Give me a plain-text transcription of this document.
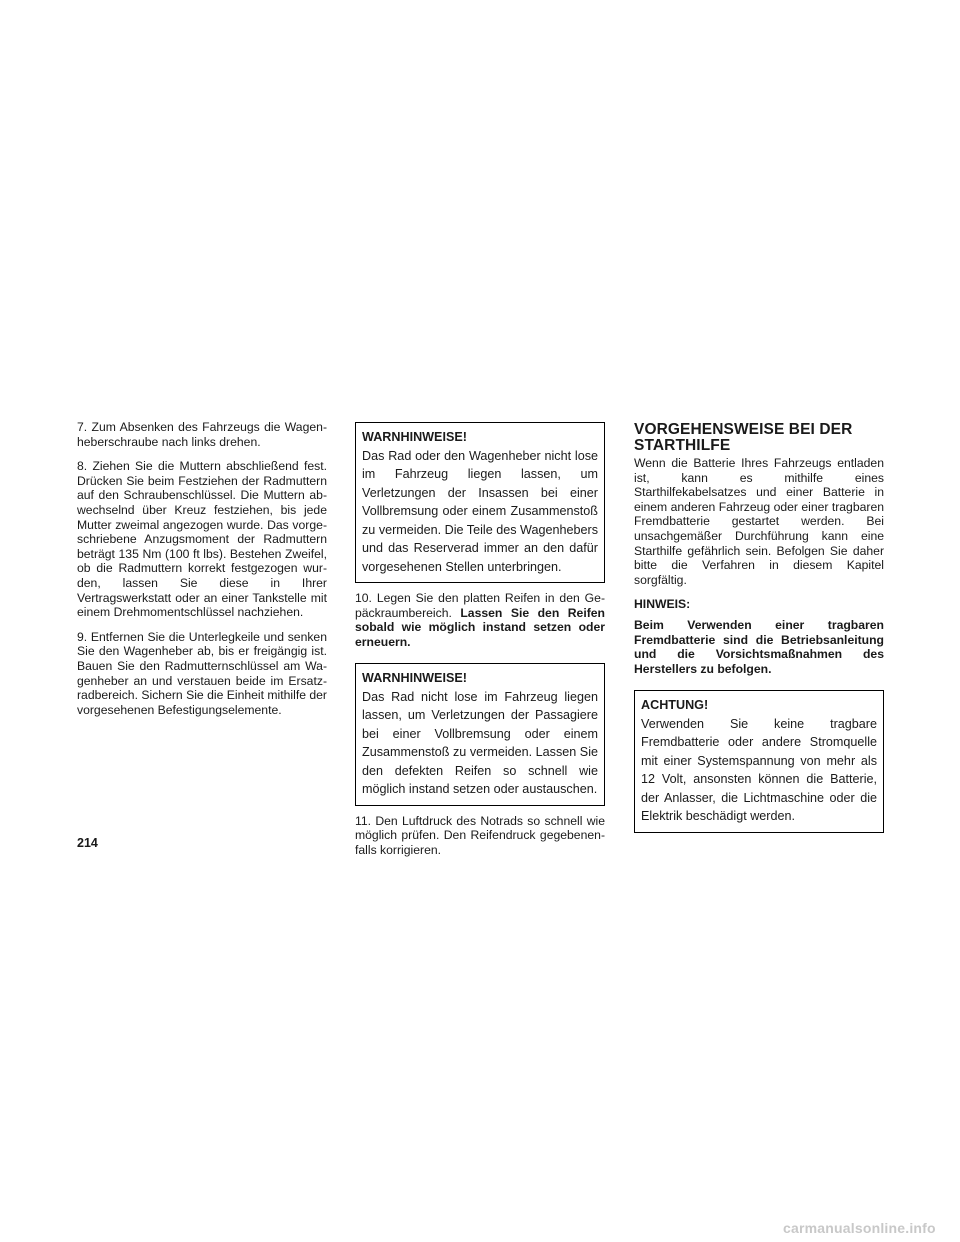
7. Zum Absenken des Fahrzeugs die Wagenheberschraube nach links drehen.

8. Ziehen Sie die Muttern abschließend fest. Drücken Sie beim Festziehen der Radmuttern auf den Schraubenschlüssel. Die Muttern abwechselnd über Kreuz festziehen, bis jede Mutter zweimal angezogen wurde. Das vorgeschriebene Anzugsmoment der Radmuttern beträgt 135 Nm (100 ft lbs). Bestehen Zweifel, ob die Radmuttern korrekt festgezogen wurden, lassen Sie diese in Ihrer Vertragswerkstatt oder an einer Tankstelle mit einem Drehmomentschlüssel nachziehen.

9. Entfernen Sie die Unterlegkeile und senken Sie den Wagenheber ab, bis er freigängig ist. Bauen Sie den Radmutternschlüssel am Wagenheber an und verstauen beide im Ersatzradbereich. Sichern Sie die Einheit mithilfe der vorgesehenen Befestigungselemente.

WARNHINWEISE!
Das Rad oder den Wagenheber nicht lose im Fahrzeug liegen lassen, um Verletzungen der Insassen bei einer Vollbremsung oder einem Zusammenstoß zu vermeiden. Die Teile des Wagenhebers und das Reserverad immer an den dafür vorgesehenen Stellen unterbringen.

10. Legen Sie den platten Reifen in den Gepäckraumbereich. Lassen Sie den Reifen sobald wie möglich instand setzen oder erneuern.

WARNHINWEISE!
Das Rad nicht lose im Fahrzeug liegen lassen, um Verletzungen der Passagiere bei einer Vollbremsung oder einem Zusammenstoß zu vermeiden. Lassen Sie den defekten Reifen so schnell wie möglich instand setzen oder austauschen.

11. Den Luftdruck des Notrads so schnell wie möglich prüfen. Den Reifendruck gegebenenfalls korrigieren.

VORGEHENSWEISE BEI DER STARTHILFE

Wenn die Batterie Ihres Fahrzeugs entladen ist, kann es mithilfe eines Starthilfekabelsatzes und einer Batterie in einem anderen Fahrzeug oder einer tragbaren Fremdbatterie gestartet werden. Bei unsachgemäßer Durchführung kann eine Starthilfe gefährlich sein. Befolgen Sie daher bitte die Verfahren in diesem Kapitel sorgfältig.

HINWEIS:

Beim Verwenden einer tragbaren Fremdbatterie sind die Betriebsanleitung und die Vorsichtsmaßnahmen des Herstellers zu befolgen.

ACHTUNG!
Verwenden Sie keine tragbare Fremdbatterie oder andere Stromquelle mit einer Systemspannung von mehr als 12 Volt, ansonsten können die Batterie, der Anlasser, die Lichtmaschine oder die Elektrik beschädigt werden.
214
carmanualsonline.info
